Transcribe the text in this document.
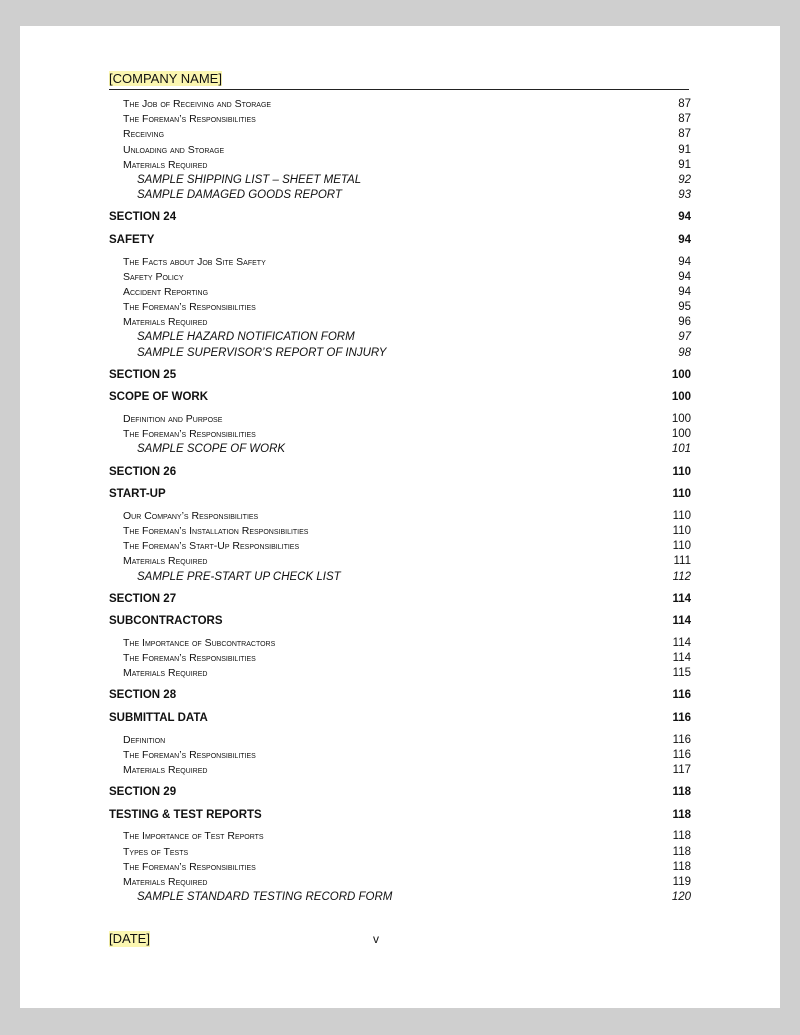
[COMPANY NAME]
The Job of Receiving and Storage	87
The Foreman’s Responsibilities	87
Receiving	87
Unloading and Storage	91
Materials Required	91
SAMPLE SHIPPING LIST – SHEET METAL	92
SAMPLE DAMAGED GOODS REPORT	93
SECTION 24	94
SAFETY	94
The Facts about Job Site Safety	94
Safety Policy	94
Accident Reporting	94
The Foreman’s Responsibilities	95
Materials Required	96
SAMPLE HAZARD NOTIFICATION FORM	97
SAMPLE SUPERVISOR’S REPORT OF INJURY	98
SECTION 25	100
SCOPE OF WORK	100
Definition and Purpose	100
The Foreman’s Responsibilities	100
SAMPLE SCOPE OF WORK	101
SECTION 26	110
START-UP	110
Our Company’s Responsibilities	110
The Foreman’s Installation Responsibilities	110
The Foreman’s Start-Up Responsibilities	110
Materials Required	111
SAMPLE PRE-START UP CHECK LIST	112
SECTION 27	114
SUBCONTRACTORS	114
The Importance of Subcontractors	114
The Foreman’s Responsibilities	114
Materials Required	115
SECTION 28	116
SUBMITTAL DATA	116
Definition	116
The Foreman’s Responsibilities	116
Materials Required	117
SECTION 29	118
TESTING & TEST REPORTS	118
The Importance of Test Reports	118
Types of Tests	118
The Foreman’s Responsibilities	118
Materials Required	119
SAMPLE STANDARD TESTING RECORD FORM	120
[DATE]	v
